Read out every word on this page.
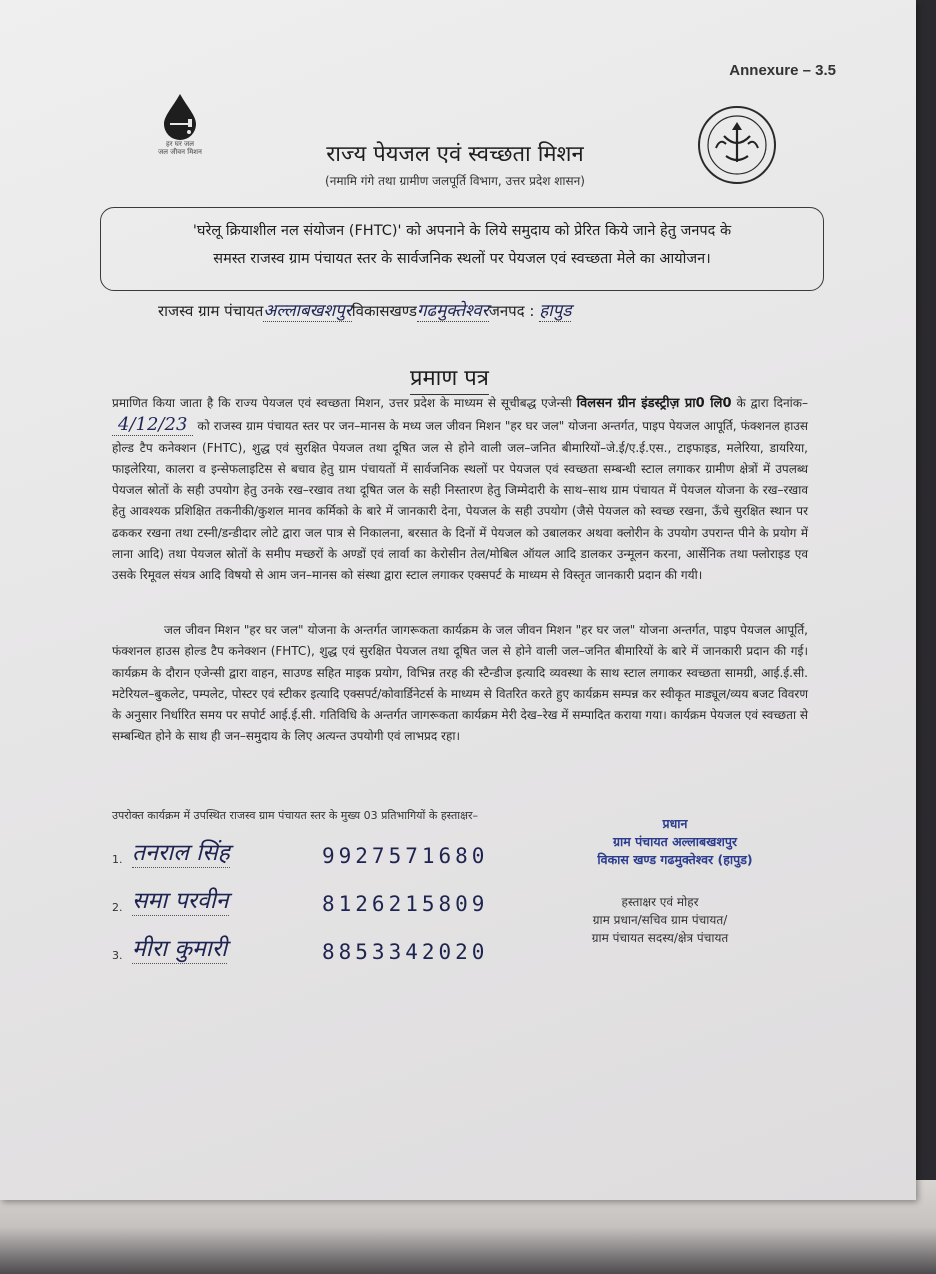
Annexure – 3.5
हर घर जल
जल जीवन मिशन	राज्य पेयजल एवं स्वच्छता मिशन
(नमामि गंगे तथा ग्रामीण जलपूर्ति विभाग, उत्तर प्रदेश शासन)
'घरेलू क्रियाशील नल संयोजन (FHTC)' को अपनाने के लिये समुदाय को प्रेरित किये जाने हेतु जनपद के
समस्त राजस्व ग्राम पंचायत स्तर के सार्वजनिक स्थलों पर पेयजल एवं स्वच्छता मेले का आयोजन।
राजस्व ग्राम पंचायतअल्लाबखशपुरविकासखण्डगढमुक्तेश्वरजनपद : हापुड
प्रमाण पत्र
प्रमाणित किया जाता है कि राज्य पेयजल एवं स्वच्छता मिशन, उत्तर प्रदेश के माध्यम से सूचीबद्ध एजेन्सी विलसन ग्रीन इंडस्ट्रीज़ प्रा0 लि0 के द्वारा दिनांक–4/12/23 को राजस्व ग्राम पंचायत स्तर पर जन–मानस के मध्य जल जीवन मिशन "हर घर जल" योजना अन्तर्गत, पाइप पेयजल आपूर्ति, फंक्शनल हाउस होल्ड टैप कनेक्शन (FHTC), शुद्ध एवं सुरक्षित पेयजल तथा दूषित जल से होने वाली जल–जनित बीमारियों–जे.ई/ए.ई.एस., टाइफाइड, मलेरिया, डायरिया, फाइलेरिया, कालरा व इन्सेफलाइटिस से बचाव हेतु ग्राम पंचायतों में सार्वजनिक स्थलों पर पेयजल एवं स्वच्छता सम्बन्धी स्टाल लगाकर ग्रामीण क्षेत्रों में उपलब्ध पेयजल स्रोतों के सही उपयोग हेतु उनके रख–रखाव तथा दूषित जल के सही निस्तारण हेतु जिम्मेदारी के साथ–साथ ग्राम पंचायत में पेयजल योजना के रख–रखाव हेतु आवश्यक प्रशिक्षित तकनीकी/कुशल मानव कर्मिको के बारे में जानकारी देना, पेयजल के सही उपयोग (जैसे पेयजल को स्वच्छ रखना, ऊँचे सुरक्षित स्थान पर ढककर रखना तथा टस्नी/डन्डीदार लोटे द्वारा जल पात्र से निकालना, बरसात के दिनों में पेयजल को उबालकर अथवा क्लोरीन के उपयोग उपरान्त पीने के प्रयोग में लाना आदि) तथा पेयजल स्रोतों के समीप मच्छरों के अण्डों एवं लार्वा का केरोसीन तेल/मोबिल ऑयल आदि डालकर उन्मूलन करना, आर्सेनिक तथा फ्लोराइड एव उसके रिमूवल संयत्र आदि विषयो से आम जन–मानस को संस्था द्वारा स्टाल लगाकर एक्सपर्ट के माध्यम से विस्तृत जानकारी प्रदान की गयी।
जल जीवन मिशन "हर घर जल" योजना के अन्तर्गत जागरूकता कार्यक्रम के जल जीवन मिशन "हर घर जल" योजना अन्तर्गत, पाइप पेयजल आपूर्ति, फंक्शनल हाउस होल्ड टैप कनेक्शन (FHTC), शुद्ध एवं सुरक्षित पेयजल तथा दूषित जल से होने वाली जल–जनित बीमारियों के बारे में जानकारी प्रदान की गई। कार्यक्रम के दौरान एजेन्सी द्वारा वाहन, साउण्ड सहित माइक प्रयोग, विभिन्न तरह की स्टैन्डीज इत्यादि व्यवस्था के साथ स्टाल लगाकर स्वच्छता सामग्री, आई.ई.सी. मटेरियल–बुकलेट, पम्पलेट, पोस्टर एवं स्टीकर इत्यादि एक्सपर्ट/कोवार्डिनेटर्स के माध्यम से वितरित करते हुए कार्यक्रम सम्पन्न कर स्वीकृत माड्यूल/व्यय बजट विवरण के अनुसार निर्धारित समय पर सपोर्ट आई.ई.सी. गतिविधि के अन्तर्गत जागरूकता कार्यक्रम मेरी देख–रेख में सम्पादित कराया गया। कार्यक्रम पेयजल एवं स्वच्छता से सम्बन्धित होने के साथ ही जन–समुदाय के लिए अत्यन्त उपयोगी एवं लाभप्रद रहा।
उपरोक्त कार्यक्रम में उपस्थित राजस्व ग्राम पंचायत स्तर के मुख्य 03 प्रतिभागियों के हस्ताक्षर–
1. तनराल सिंह	9927571680
2. समा परवीन	8126215809
3. मीरा कुमारी	8853342020
प्रधान
ग्राम पंचायत अल्लाबखशपुर
विकास खण्ड गढमुक्तेश्वर (हापुड)
हस्ताक्षर एवं मोहर
ग्राम प्रधान/सचिव ग्राम पंचायत/
ग्राम पंचायत सदस्य/क्षेत्र पंचायत
